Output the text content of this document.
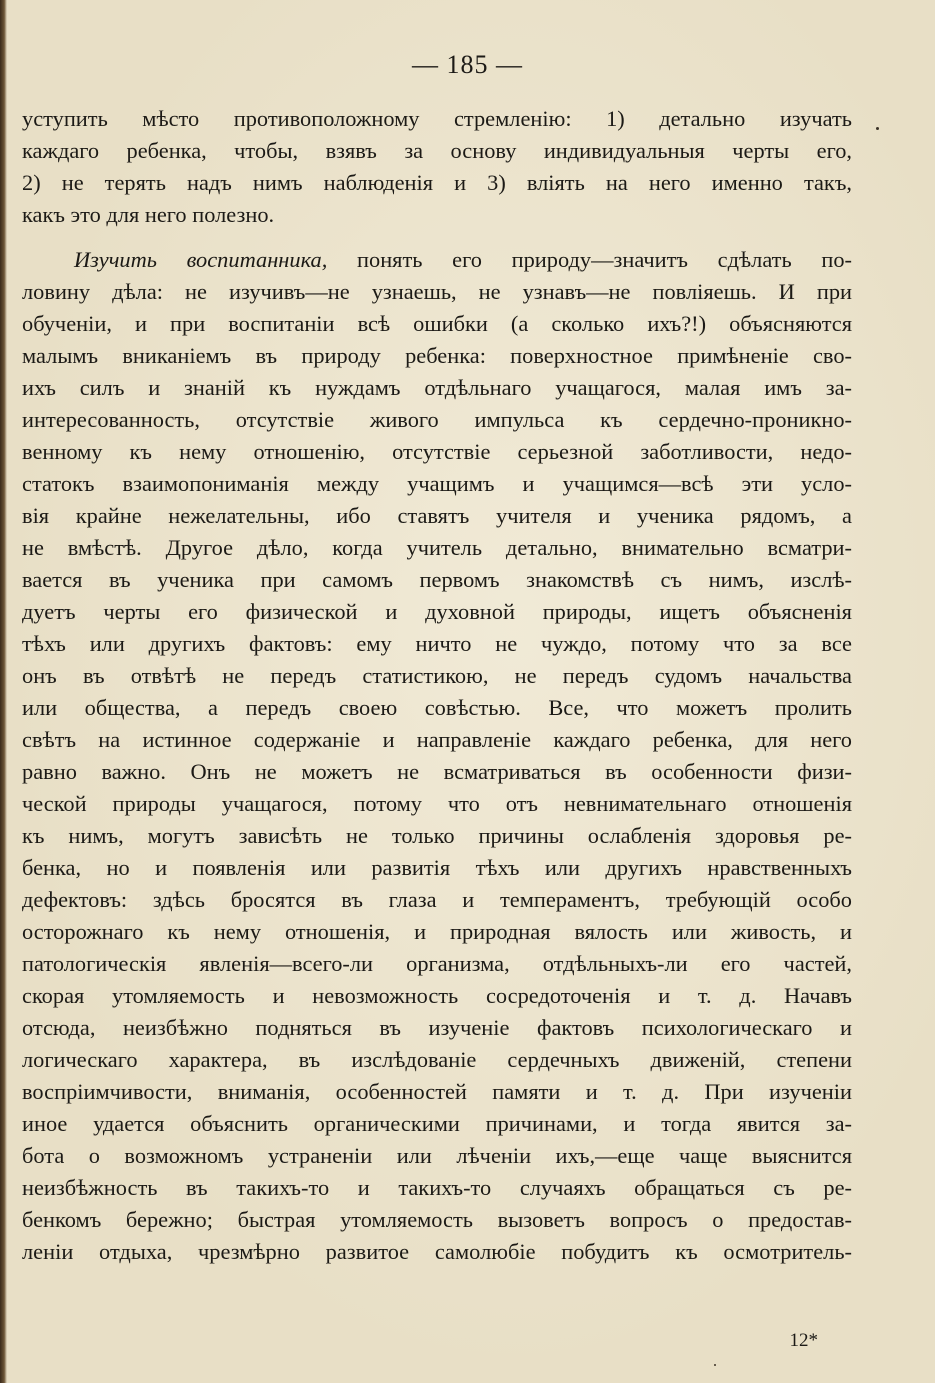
— 185 —
уступить мѣсто противоположному стремленію: 1) детально изучать
каждаго ребенка, чтобы, взявъ за основу индивидуальныя черты его,
2) не терять надъ нимъ наблюденія и 3) вліять на него именно такъ,
какъ это для него полезно.
Изучить воспитанника, понять его природу—значитъ сдѣлать по-
ловину дѣла: не изучивъ—не узнаешь, не узнавъ—не повліяешь. И при
обученіи, и при воспитаніи всѣ ошибки (а сколько ихъ?!) объясняются
малымъ вниканіемъ въ природу ребенка: поверхностное примѣненіе сво-
ихъ силъ и знаній къ нуждамъ отдѣльнаго учащагося, малая имъ за-
интересованность, отсутствіе живого импульса къ сердечно-проникно-
венному къ нему отношенію, отсутствіе серьезной заботливости, недо-
статокъ взаимопониманія между учащимъ и учащимся—всѣ эти усло-
вія крайне нежелательны, ибо ставятъ учителя и ученика рядомъ, а
не вмѣстѣ. Другое дѣло, когда учитель детально, внимательно всматри-
вается въ ученика при самомъ первомъ знакомствѣ съ нимъ, изслѣ-
дуетъ черты его физической и духовной природы, ищетъ объясненія
тѣхъ или другихъ фактовъ: ему ничто не чуждо, потому что за все
онъ въ отвѣтѣ не передъ статистикою, не передъ судомъ начальства
или общества, а передъ своею совѣстью. Все, что можетъ пролить
свѣтъ на истинное содержаніе и направленіе каждаго ребенка, для него
равно важно. Онъ не можетъ не всматриваться въ особенности физи-
ческой природы учащагося, потому что отъ невнимательнаго отношенія
къ нимъ, могутъ зависѣть не только причины ослабленія здоровья ре-
бенка, но и появленія или развитія тѣхъ или другихъ нравственныхъ
дефектовъ: здѣсь бросятся въ глаза и темпераментъ, требующій особо
осторожнаго къ нему отношенія, и природная вялость или живость, и
патологическія явленія—всего-ли организма, отдѣльныхъ-ли его частей,
скорая утомляемость и невозможность сосредоточенія и т. д. Начавъ
отсюда, неизбѣжно подняться въ изученіе фактовъ психологическаго и
логическаго характера, въ изслѣдованіе сердечныхъ движеній, степени
воспріимчивости, вниманія, особенностей памяти и т. д. При изученіи
иное удается объяснить органическими причинами, и тогда явится за-
бота о возможномъ устраненіи или лѣченіи ихъ,—еще чаще выяснится
неизбѣжность въ такихъ-то и такихъ-то случаяхъ обращаться съ ре-
бенкомъ бережно; быстрая утомляемость вызоветъ вопросъ о предостав-
леніи отдыха, чрезмѣрно развитое самолюбіе побудитъ къ осмотритель-
12*
